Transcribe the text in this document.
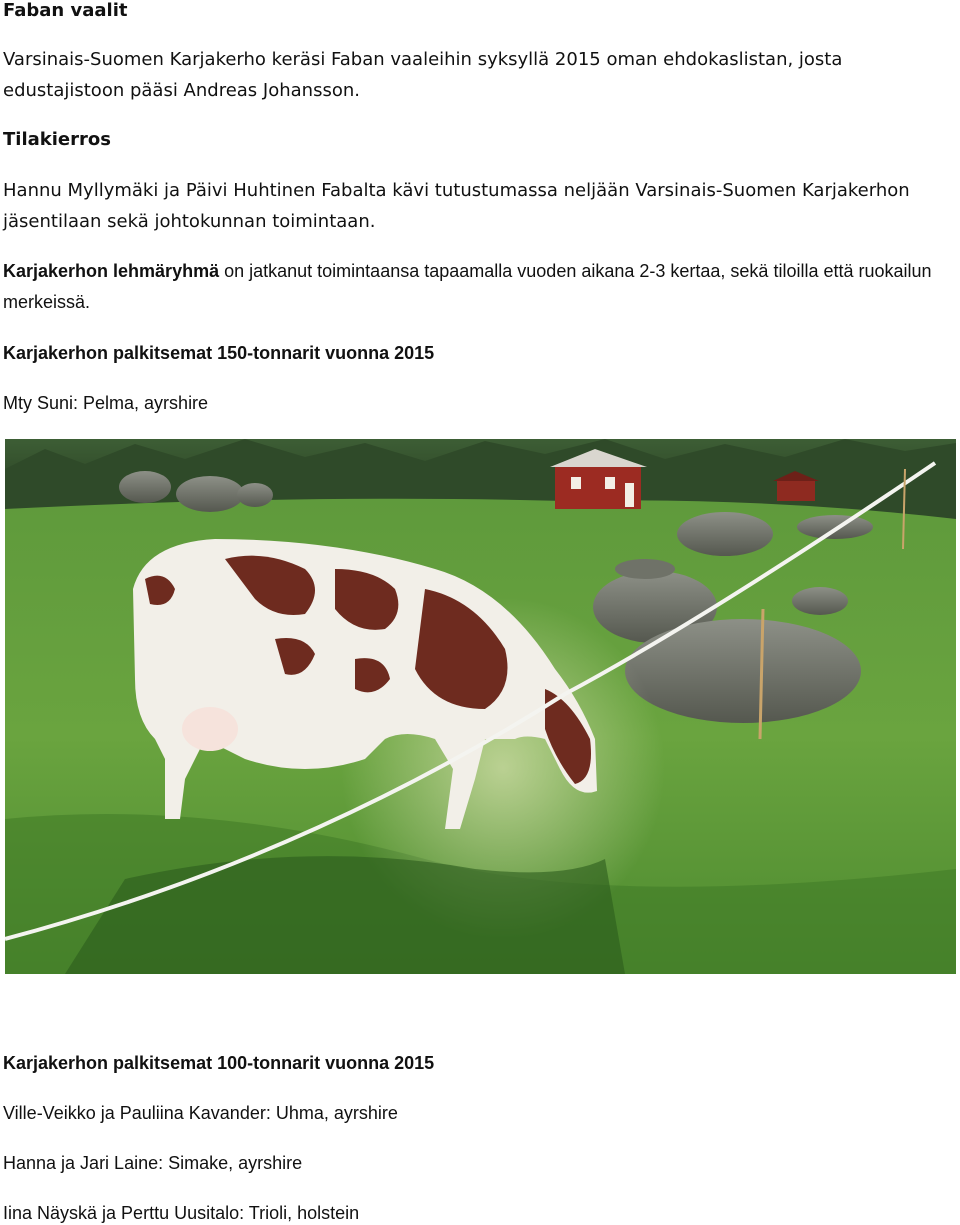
Faban vaalit
Varsinais-Suomen Karjakerho keräsi Faban vaaleihin syksyllä 2015 oman ehdokaslistan, josta edustajistoon pääsi Andreas Johansson.
Tilakierros
Hannu Myllymäki ja Päivi Huhtinen Fabalta kävi tutustumassa neljään Varsinais-Suomen Karjakerhon jäsentilaan sekä johtokunnan toimintaan.
Karjakerhon lehmäryhmä on jatkanut toimintaansa tapaamalla vuoden aikana 2-3 kertaa, sekä tiloilla että ruokailun merkeissä.
Karjakerhon palkitsemat 150-tonnarit vuonna 2015
Mty Suni: Pelma, ayrshire
Karjakerhon palkitsemat 100-tonnarit vuonna 2015
Ville-Veikko ja Pauliina Kavander: Uhma, ayrshire
Hanna ja Jari Laine: Simake, ayrshire
Iina Näyskä ja Perttu Uusitalo: Trioli, holstein
